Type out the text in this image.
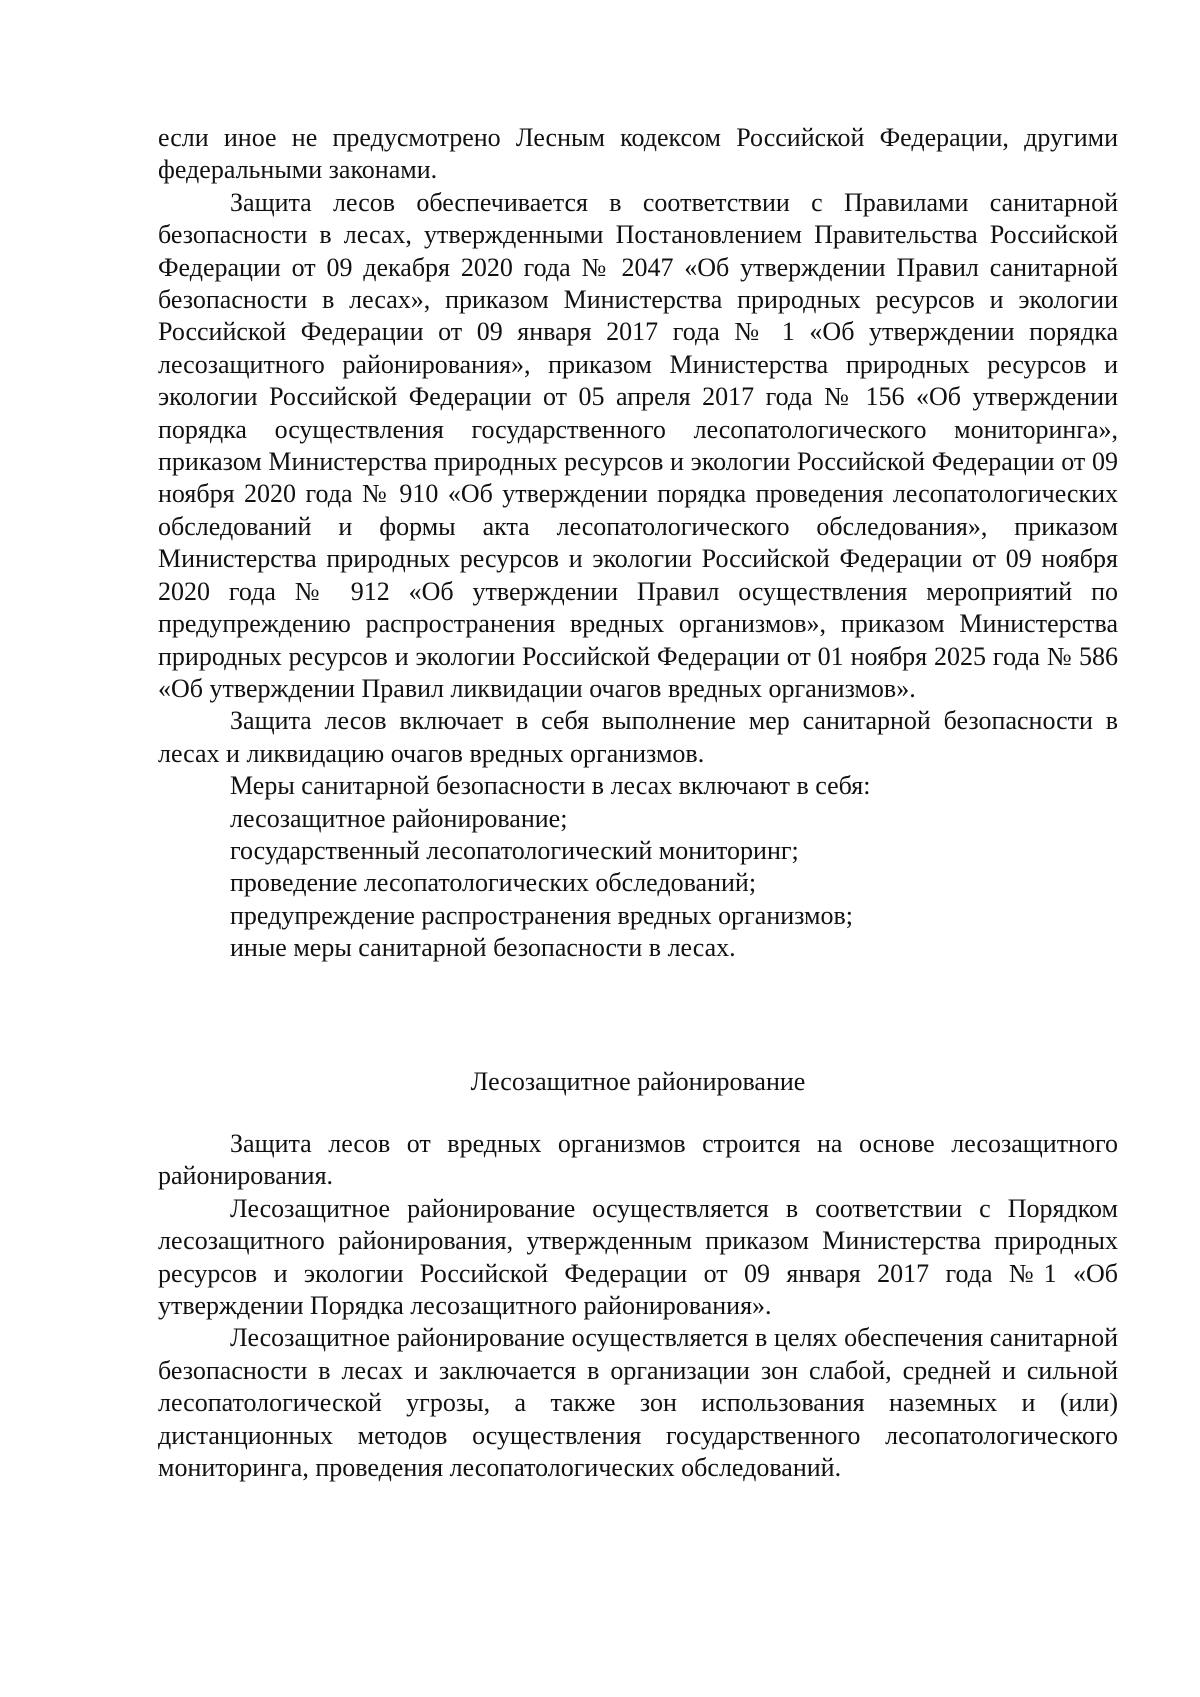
если иное не предусмотрено Лесным кодексом Российской Федерации, другими федеральными законами.

Защита лесов обеспечивается в соответствии с Правилами санитарной безопасности в лесах, утвержденными Постановлением Правительства Российской Федерации от 09 декабря 2020 года № 2047 «Об утверждении Правил санитарной безопасности в лесах», приказом Министерства природных ресурсов и экологии Российской Федерации от 09 января 2017 года № 1 «Об утверждении порядка лесозащитного районирования», приказом Министерства природных ресурсов и экологии Российской Федерации от 05 апреля 2017 года № 156 «Об утверждении порядка осуществления государственного лесопатологического мониторинга», приказом Министерства природных ресурсов и экологии Российской Федерации от 09 ноября 2020 года № 910 «Об утверждении порядка проведения лесопатологических обследований и формы акта лесопатологического обследования», приказом Министерства природных ресурсов и экологии Российской Федерации от 09 ноября 2020 года № 912 «Об утверждении Правил осуществления мероприятий по предупреждению распространения вредных организмов», приказом Министерства природных ресурсов и экологии Российской Федерации от 01 ноября 2025 года № 586 «Об утверждении Правил ликвидации очагов вредных организмов».

Защита лесов включает в себя выполнение мер санитарной безопасности в лесах и ликвидацию очагов вредных организмов.

Меры санитарной безопасности в лесах включают в себя:

лесозащитное районирование;

государственный лесопатологический мониторинг;

проведение лесопатологических обследований;

предупреждение распространения вредных организмов;

иные меры санитарной безопасности в лесах.

Лесозащитное районирование

Защита лесов от вредных организмов строится на основе лесозащитного районирования.

Лесозащитное районирование осуществляется в соответствии с Порядком лесозащитного районирования, утвержденным приказом Министерства природных ресурсов и экологии Российской Федерации от 09 января 2017 года №1 «Об утверждении Порядка лесозащитного районирования».

Лесозащитное районирование осуществляется в целях обеспечения санитарной безопасности в лесах и заключается в организации зон слабой, средней и сильной лесопатологической угрозы, а также зон использования наземных и (или) дистанционных методов осуществления государственного лесопатологического мониторинга, проведения лесопатологических обследований.
